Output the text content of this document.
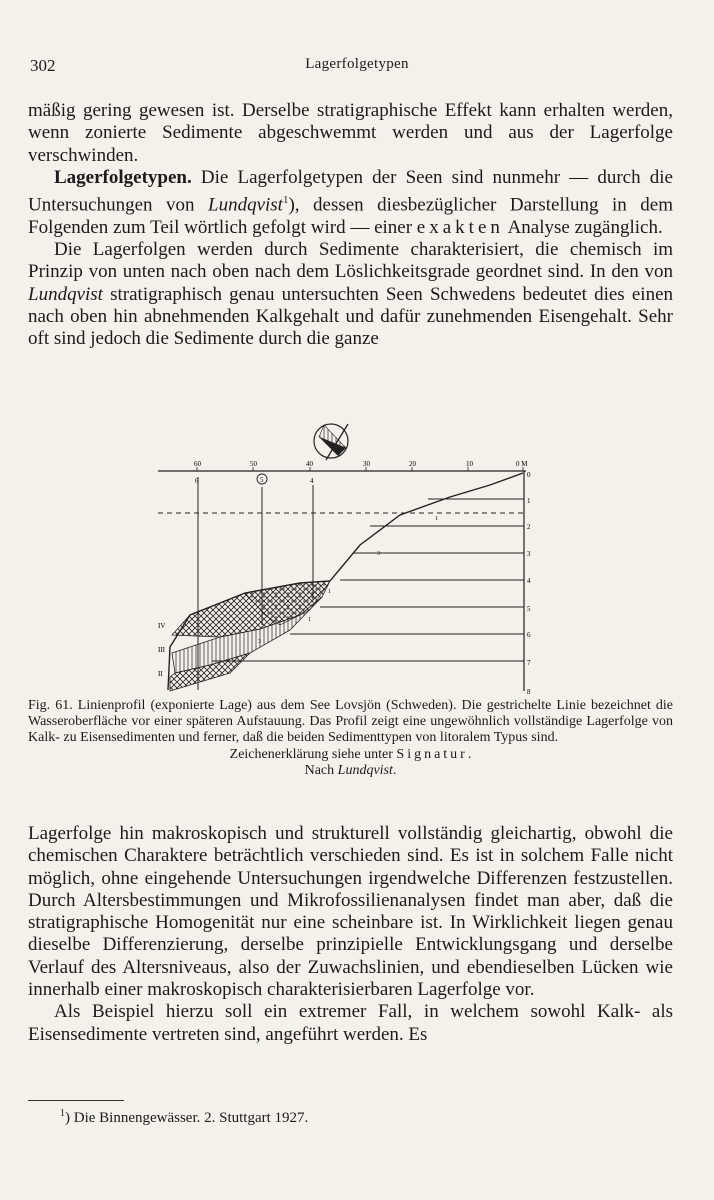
302	Lagerfolgetypen

mäßig gering gewesen ist. Derselbe stratigraphische Effekt kann erhalten werden, wenn zonierte Sedimente abgeschwemmt werden und aus der Lagerfolge verschwinden.

Lagerfolgetypen. Die Lagerfolgetypen der Seen sind nunmehr — durch die Untersuchungen von Lundqvist$^1$), dessen diesbezüglicher Darstellung in dem Folgenden zum Teil wörtlich gefolgt wird — einer exakten Analyse zugänglich.

Die Lagerfolgen werden durch Sedimente charakterisiert, die chemisch im Prinzip von unten nach oben nach dem Löslichkeitsgrade geordnet sind. In den von Lundqvist stratigraphisch genau untersuchten Seen Schwedens bedeutet dies einen nach oben hin abnehmenden Kalkgehalt und dafür zunehmenden Eisengehalt. Sehr oft sind jedoch die Sedimente durch die ganze

60	50	40	30	20	10	0 M
0
1
2
3
4
5
6
7
8
6	5	4
IV
III
II
1
3
1
1
3
Fig. 61. Linienprofil (exponierte Lage) aus dem See Lovsjön (Schweden). Die gestrichelte Linie bezeichnet die Wasseroberfläche vor einer späteren Aufstauung. Das Profil zeigt eine ungewöhnlich vollständige Lagerfolge von Kalk- zu Eisensedimenten und ferner, daß die beiden Sedimenttypen von litoralem Typus sind.
Zeichenerklärung siehe unter Signatur.
Nach Lundqvist.

Lagerfolge hin makroskopisch und strukturell vollständig gleichartig, obwohl die chemischen Charaktere beträchtlich verschieden sind. Es ist in solchem Falle nicht möglich, ohne eingehende Untersuchungen irgendwelche Differenzen festzustellen. Durch Altersbestimmungen und Mikrofossilienanalysen findet man aber, daß die stratigraphische Homogenität nur eine scheinbare ist. In Wirklichkeit liegen genau dieselbe Differenzierung, derselbe prinzipielle Entwicklungsgang und derselbe Verlauf des Altersniveaus, also der Zuwachslinien, und ebendieselben Lücken wie innerhalb einer makroskopisch charakterisierbaren Lagerfolge vor.

Als Beispiel hierzu soll ein extremer Fall, in welchem sowohl Kalk- als Eisensedimente vertreten sind, angeführt werden. Es

$^1$) Die Binnengewässer. 2. Stuttgart 1927.
